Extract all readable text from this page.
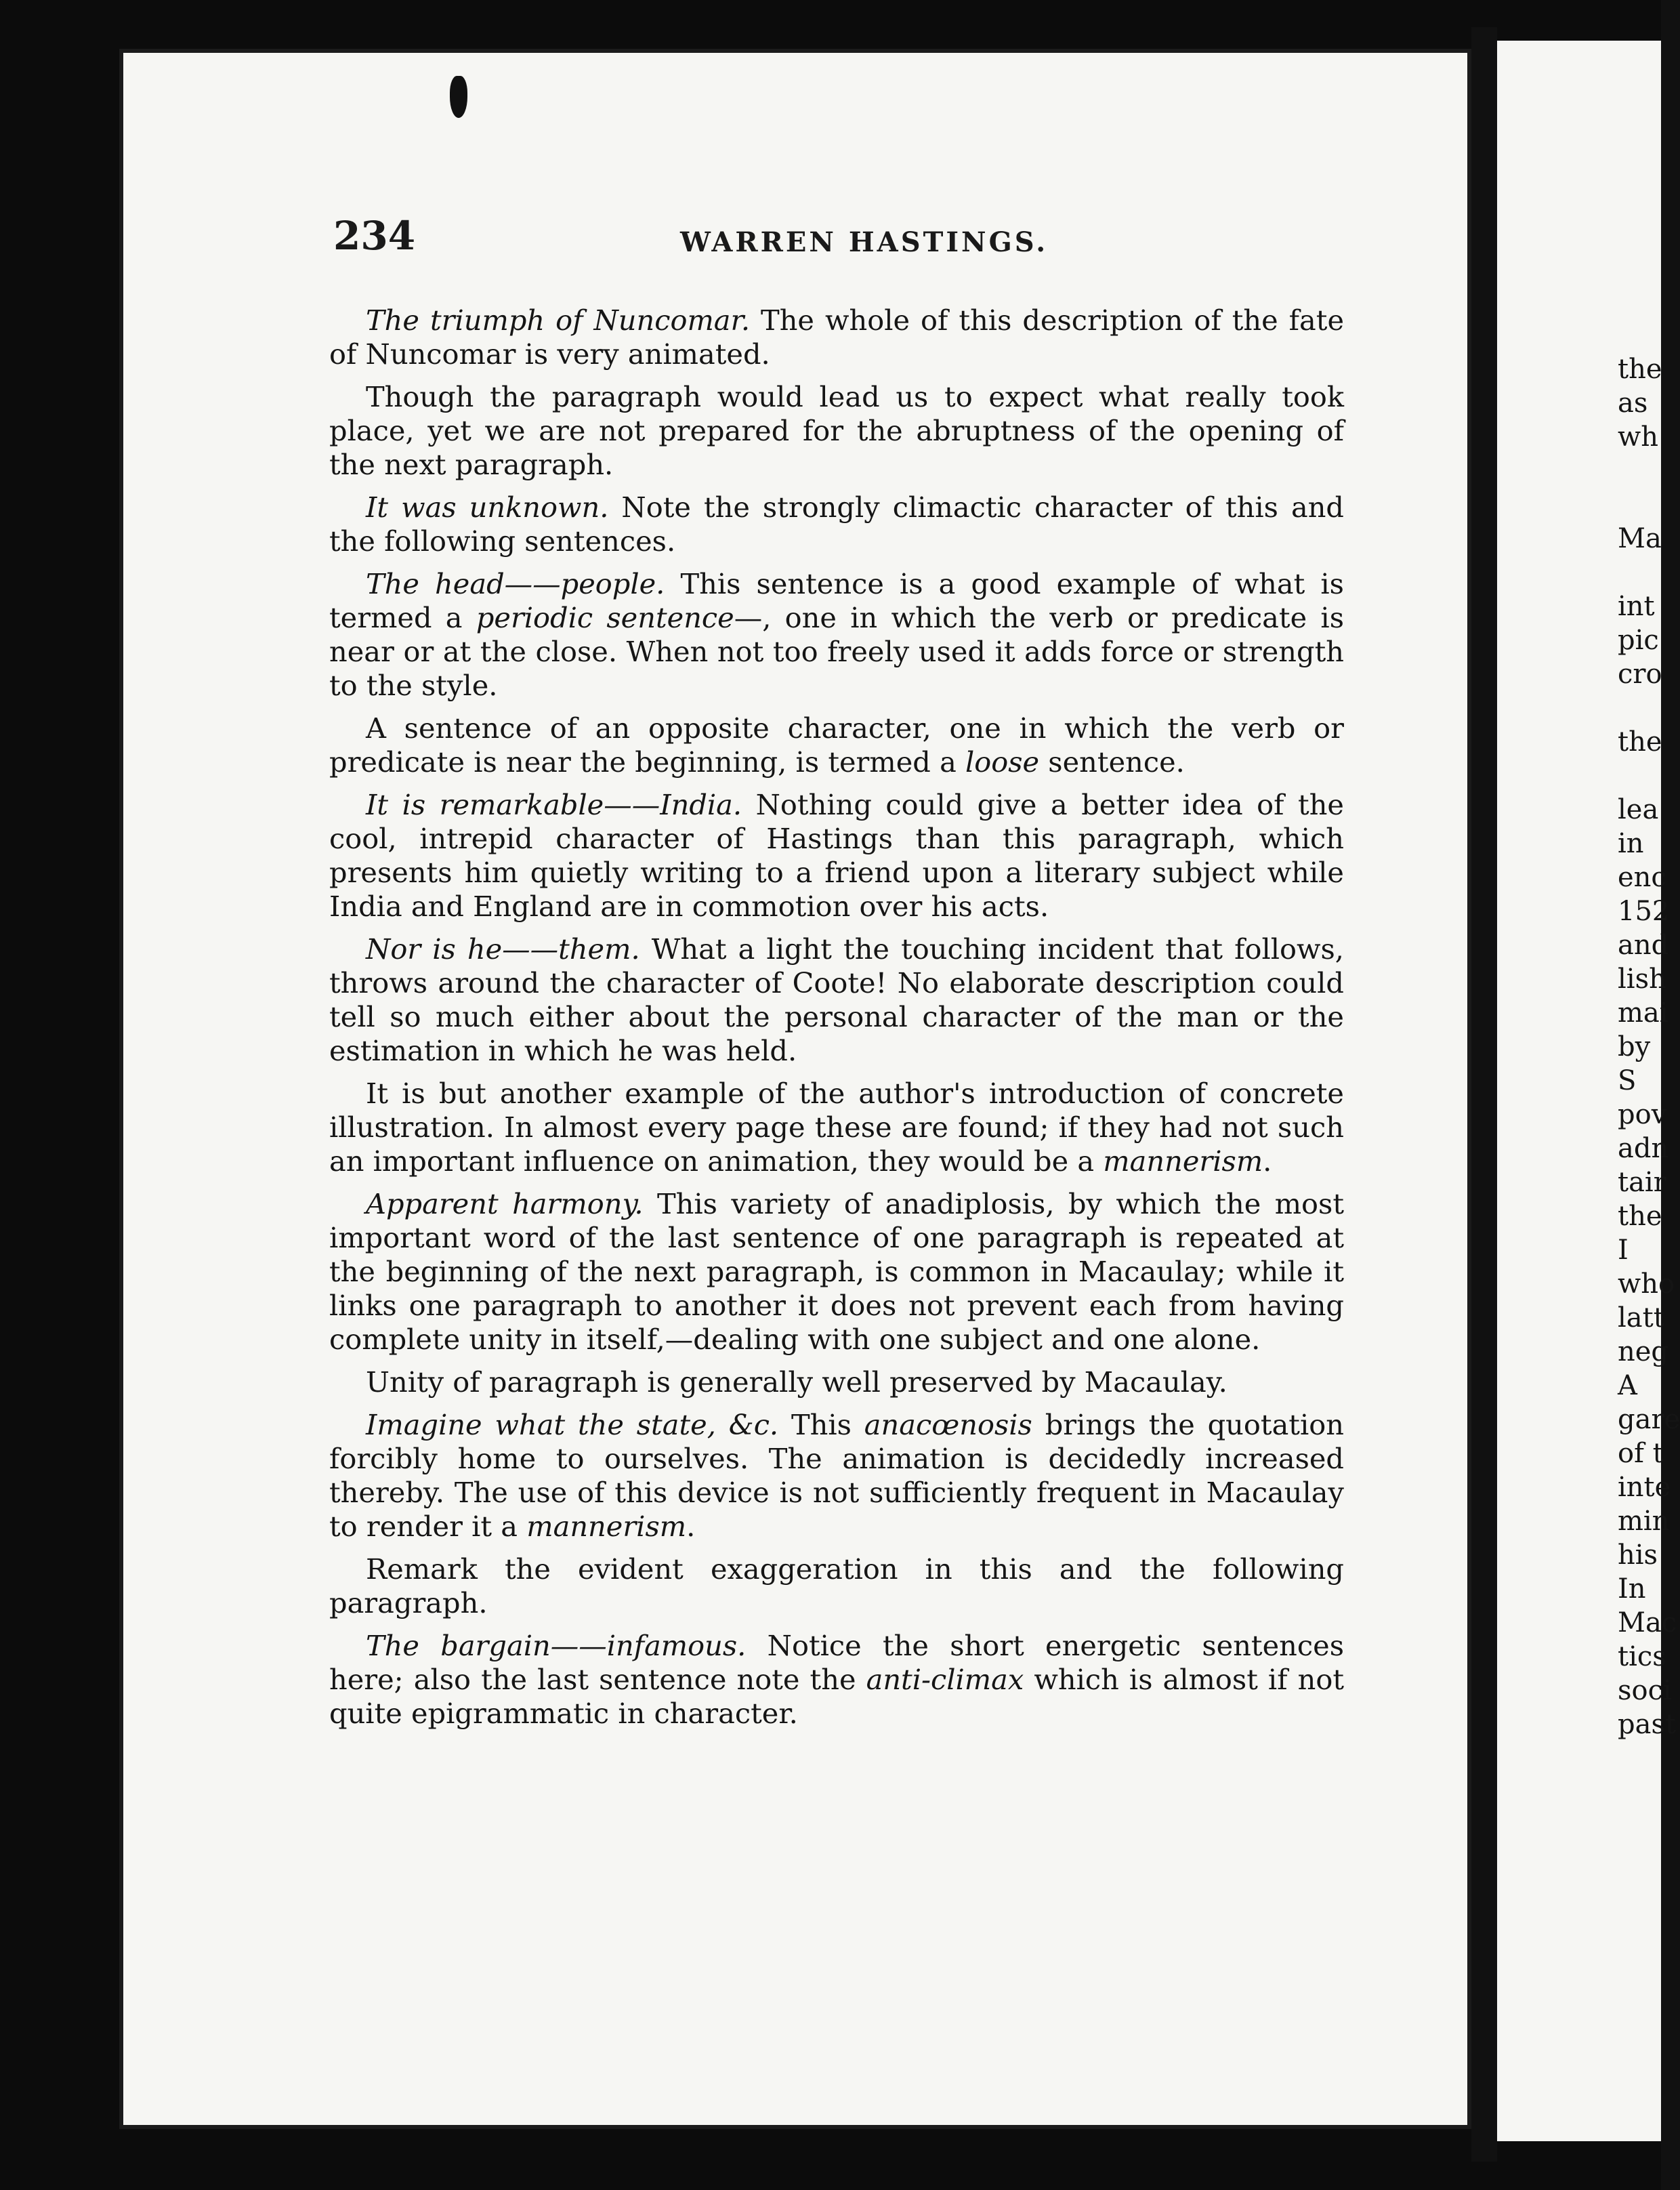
234	WARREN HASTINGS.

The triumph of Nuncomar. The whole of this description of the fate of Nuncomar is very animated.

Though the paragraph would lead us to expect what really took place, yet we are not prepared for the abruptness of the opening of the next paragraph.

It was unknown. Note the strongly climactic character of this and the following sentences.

The head——people. This sentence is a good example of what is termed a periodic sentence—, one in which the verb or predicate is near or at the close. When not too freely used it adds force or strength to the style.

A sentence of an opposite character, one in which the verb or predicate is near the beginning, is termed a loose sentence.

It is remarkable——India. Nothing could give a better idea of the cool, intrepid character of Hastings than this paragraph, which presents him quietly writing to a friend upon a literary subject while India and England are in commotion over his acts.

Nor is he——them. What a light the touching incident that follows, throws around the character of Coote! No elaborate description could tell so much either about the personal character of the man or the estimation in which he was held.

It is but another example of the author's introduction of concrete illustration. In almost every page these are found; if they had not such an important influence on animation, they would be a mannerism.

Apparent harmony. This variety of anadiplosis, by which the most important word of the last sentence of one paragraph is repeated at the beginning of the next paragraph, is common in Macaulay; while it links one paragraph to another it does not prevent each from having complete unity in itself,—dealing with one subject and one alone.

Unity of paragraph is generally well preserved by Macaulay.

Imagine what the state, &c. This anacœnosis brings the quotation forcibly home to ourselves. The animation is decidedly increased thereby. The use of this device is not sufficiently frequent in Macaulay to render it a mannerism.

Remark the evident exaggeration in this and the following paragraph.

The bargain——infamous. Notice the short energetic sentences here; also the last sentence note the anti-climax which is almost if not quite epigrammatic in character.

the
as
wh
Ma
int
pic
cro
the
lea
in
enc
152
and
lish
mai
by
S
pov
adn
tair
the
I
who
latt
neg
A
gare
of t
inte
min
his
In
Mac
tics
soci
past
